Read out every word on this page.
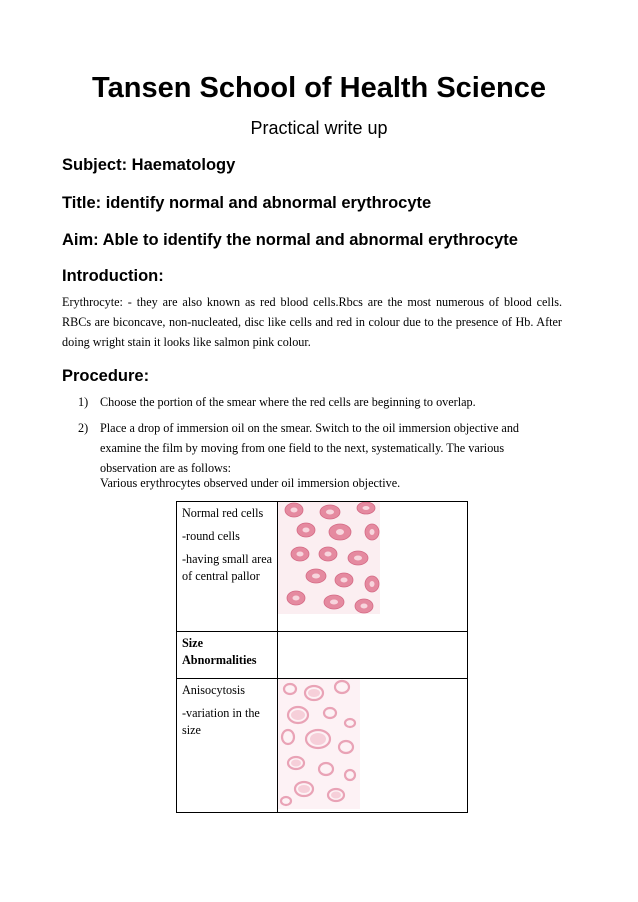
Tansen School of Health Science
Practical write up
Subject: Haematology
Title: identify normal and abnormal erythrocyte
Aim: Able to identify the normal and abnormal erythrocyte
Introduction:
Erythrocyte: - they are also known as red blood cells.Rbcs are the most numerous of blood cells. RBCs are biconcave, non-nucleated, disc like cells and red in colour due to the presence of Hb. After doing wright stain it looks like salmon pink colour.
Procedure:
1) Choose the portion of the smear where the red cells are beginning to overlap.
2) Place a drop of immersion oil on the smear. Switch to the oil immersion objective and examine the film by moving from one field to the next, systematically. The various observation are as follows:
Various erythrocytes observed under oil immersion objective.

Normal red cells

-round cells

-having small area of central pallor

Size Abnormalities	

Anisocytosis

-variation in the size
